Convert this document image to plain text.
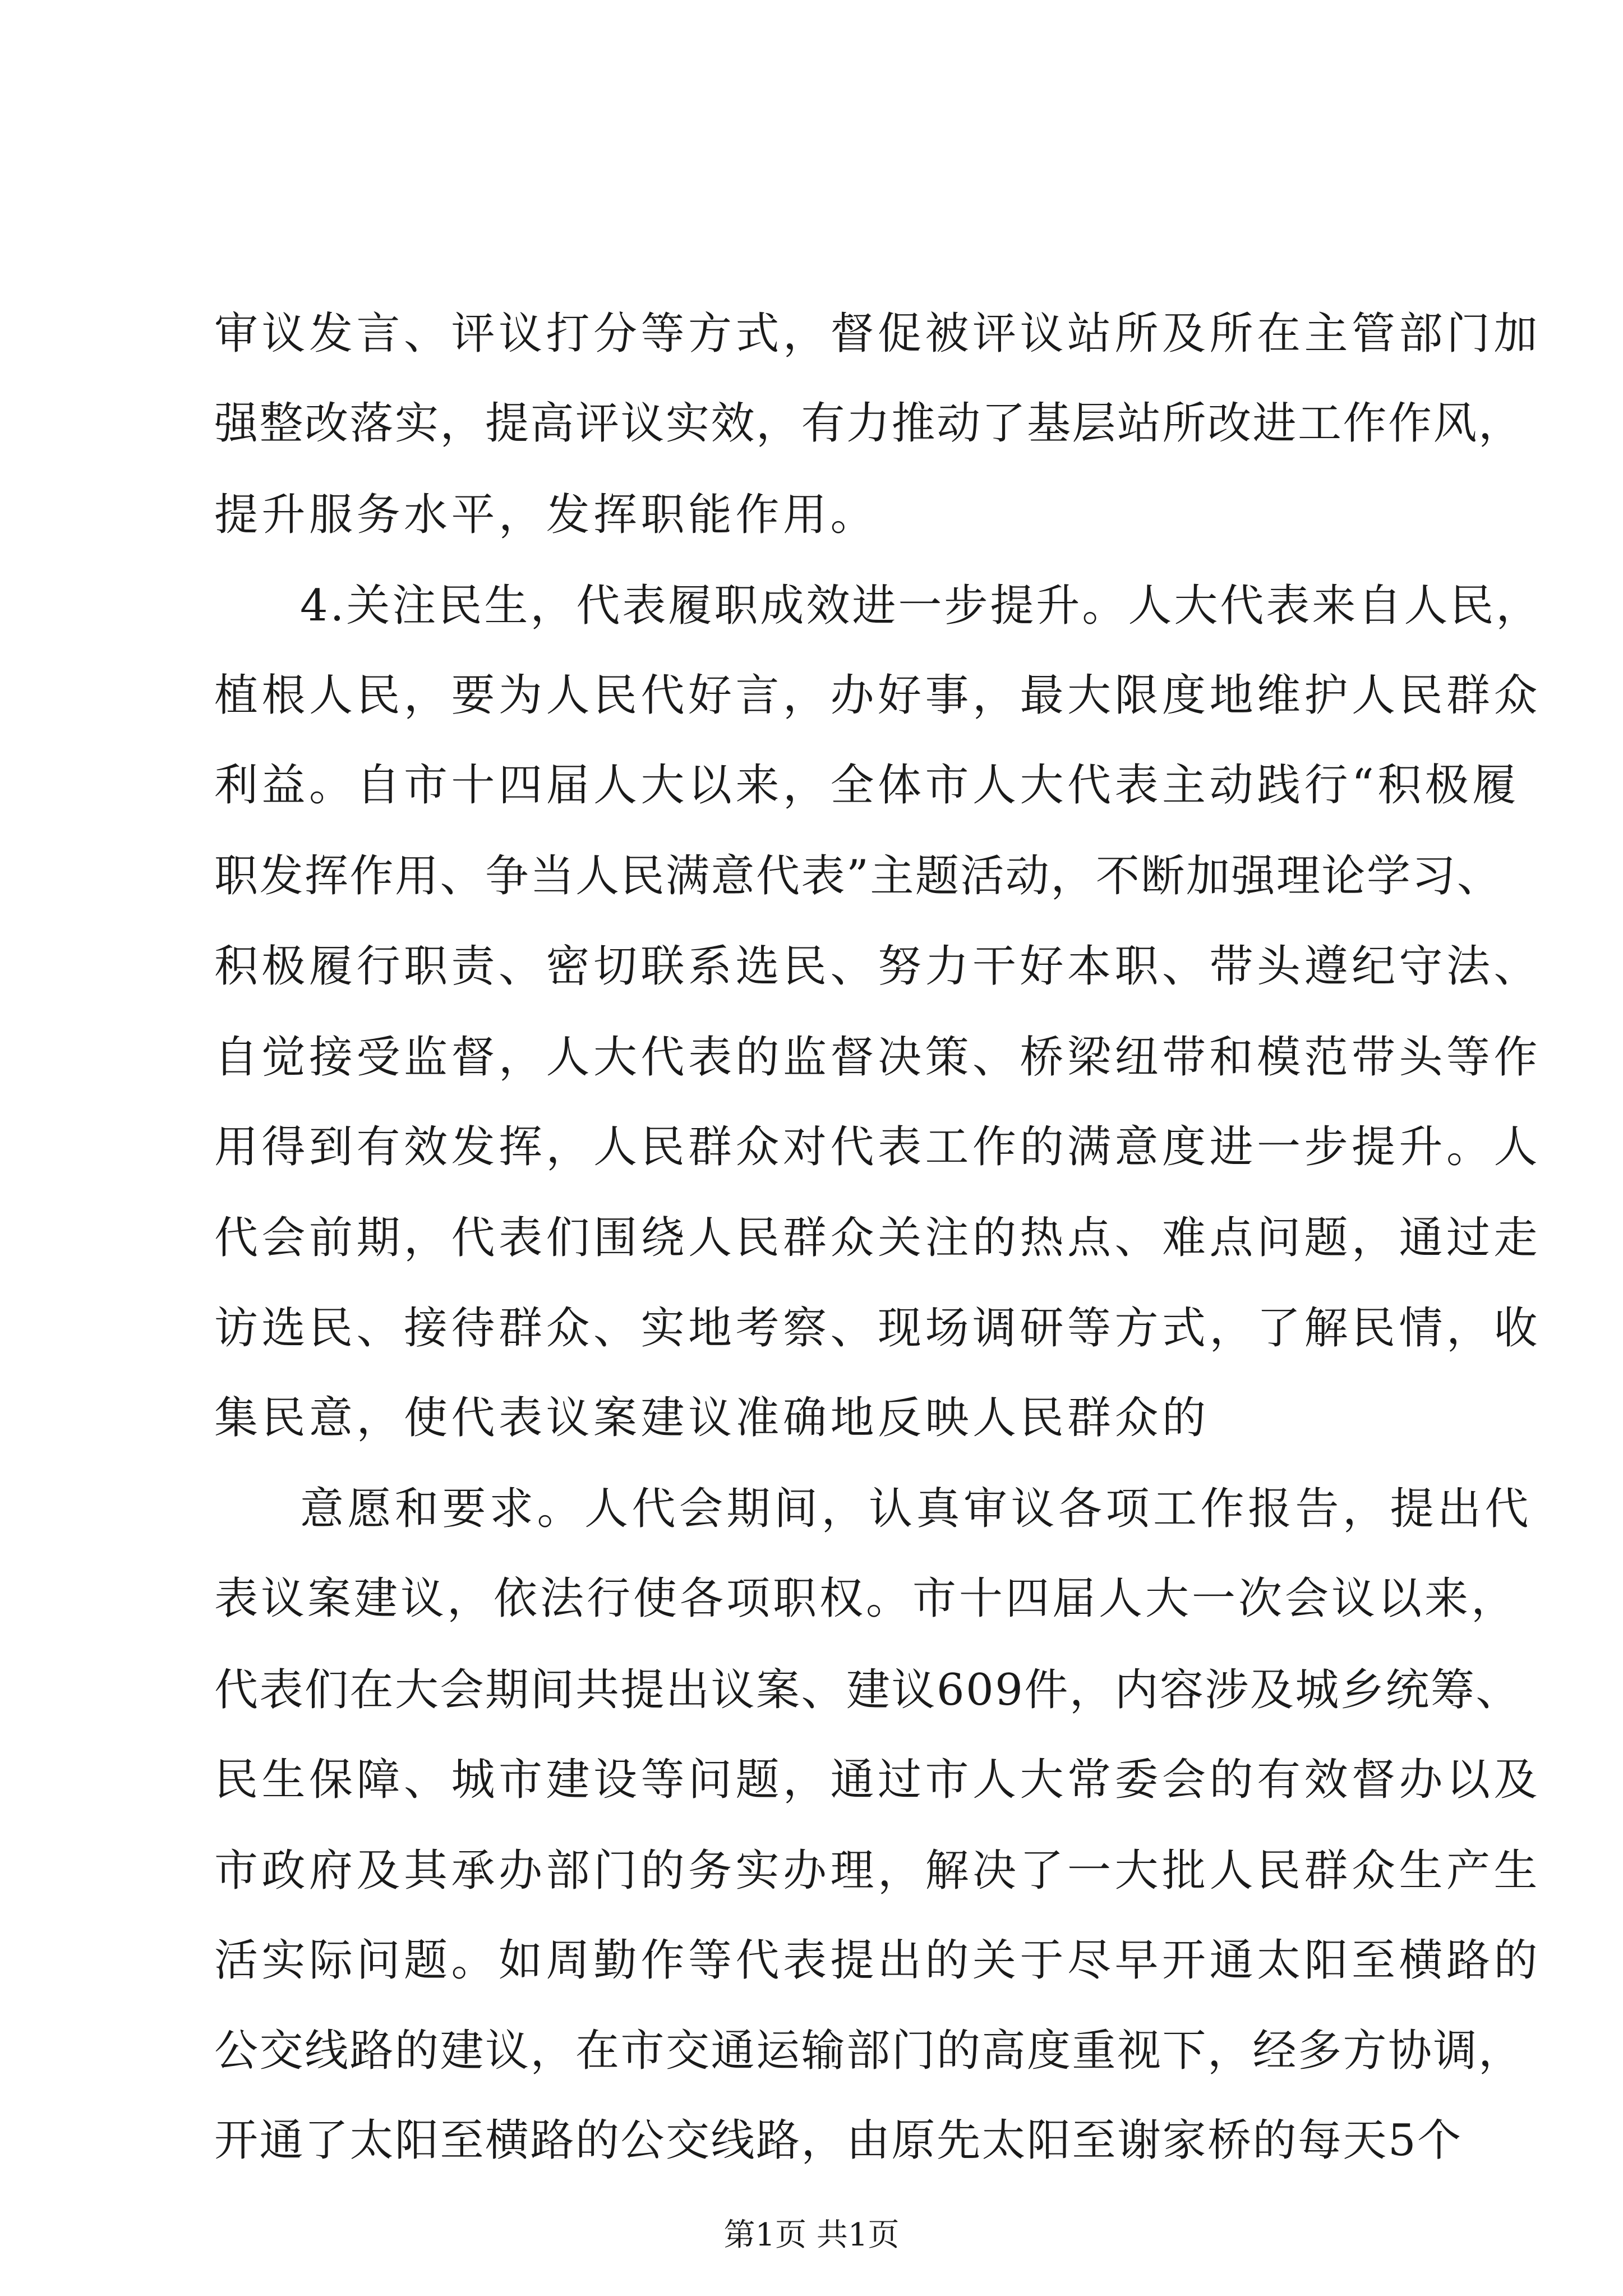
审议发言、评议打分等方式，督促被评议站所及所在主管部门加
强整改落实，提高评议实效，有力推动了基层站所改进工作作风，
提升服务水平，发挥职能作用。
4.关注民生，代表履职成效进一步提升。人大代表来自人民，
植根人民，要为人民代好言，办好事，最大限度地维护人民群众
利益。自市十四届人大以来，全体市人大代表主动践行“积极履
职发挥作用、争当人民满意代表”主题活动，不断加强理论学习、
积极履行职责、密切联系选民、努力干好本职、带头遵纪守法、
自觉接受监督，人大代表的监督决策、桥梁纽带和模范带头等作
用得到有效发挥，人民群众对代表工作的满意度进一步提升。人
代会前期，代表们围绕人民群众关注的热点、难点问题，通过走
访选民、接待群众、实地考察、现场调研等方式，了解民情，收
集民意，使代表议案建议准确地反映人民群众的
意愿和要求。人代会期间，认真审议各项工作报告，提出代
表议案建议，依法行使各项职权。市十四届人大一次会议以来，
代表们在大会期间共提出议案、建议609件，内容涉及城乡统筹、
民生保障、城市建设等问题，通过市人大常委会的有效督办以及
市政府及其承办部门的务实办理，解决了一大批人民群众生产生
活实际问题。如周勤作等代表提出的关于尽早开通太阳至横路的
公交线路的建议，在市交通运输部门的高度重视下，经多方协调，
开通了太阳至横路的公交线路，由原先太阳至谢家桥的每天5个
第1页 共1页
